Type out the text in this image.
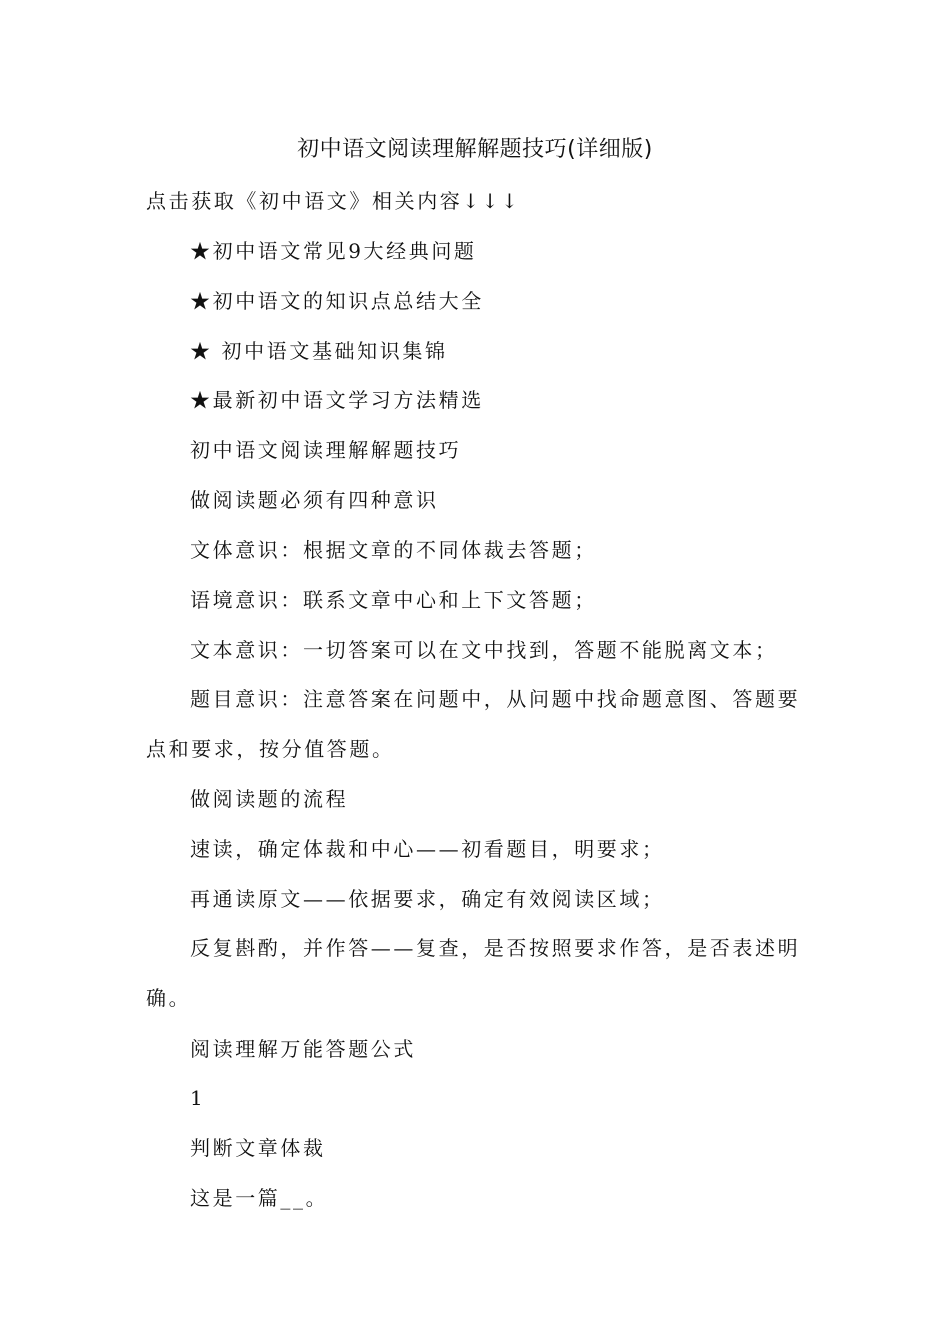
初中语文阅读理解解题技巧(详细版)
点击获取《初中语文》相关内容↓↓↓
★初中语文常见9大经典问题
★初中语文的知识点总结大全
★ 初中语文基础知识集锦
★最新初中语文学习方法精选
初中语文阅读理解解题技巧
做阅读题必须有四种意识
文体意识：根据文章的不同体裁去答题；
语境意识：联系文章中心和上下文答题；
文本意识：一切答案可以在文中找到，答题不能脱离文本；
题目意识：注意答案在问题中，从问题中找命题意图、答题要点和要求，按分值答题。
做阅读题的流程
速读，确定体裁和中心——初看题目，明要求；
再通读原文——依据要求，确定有效阅读区域；
反复斟酌，并作答——复查，是否按照要求作答，是否表述明确。
阅读理解万能答题公式
1
判断文章体裁
这是一篇__。
